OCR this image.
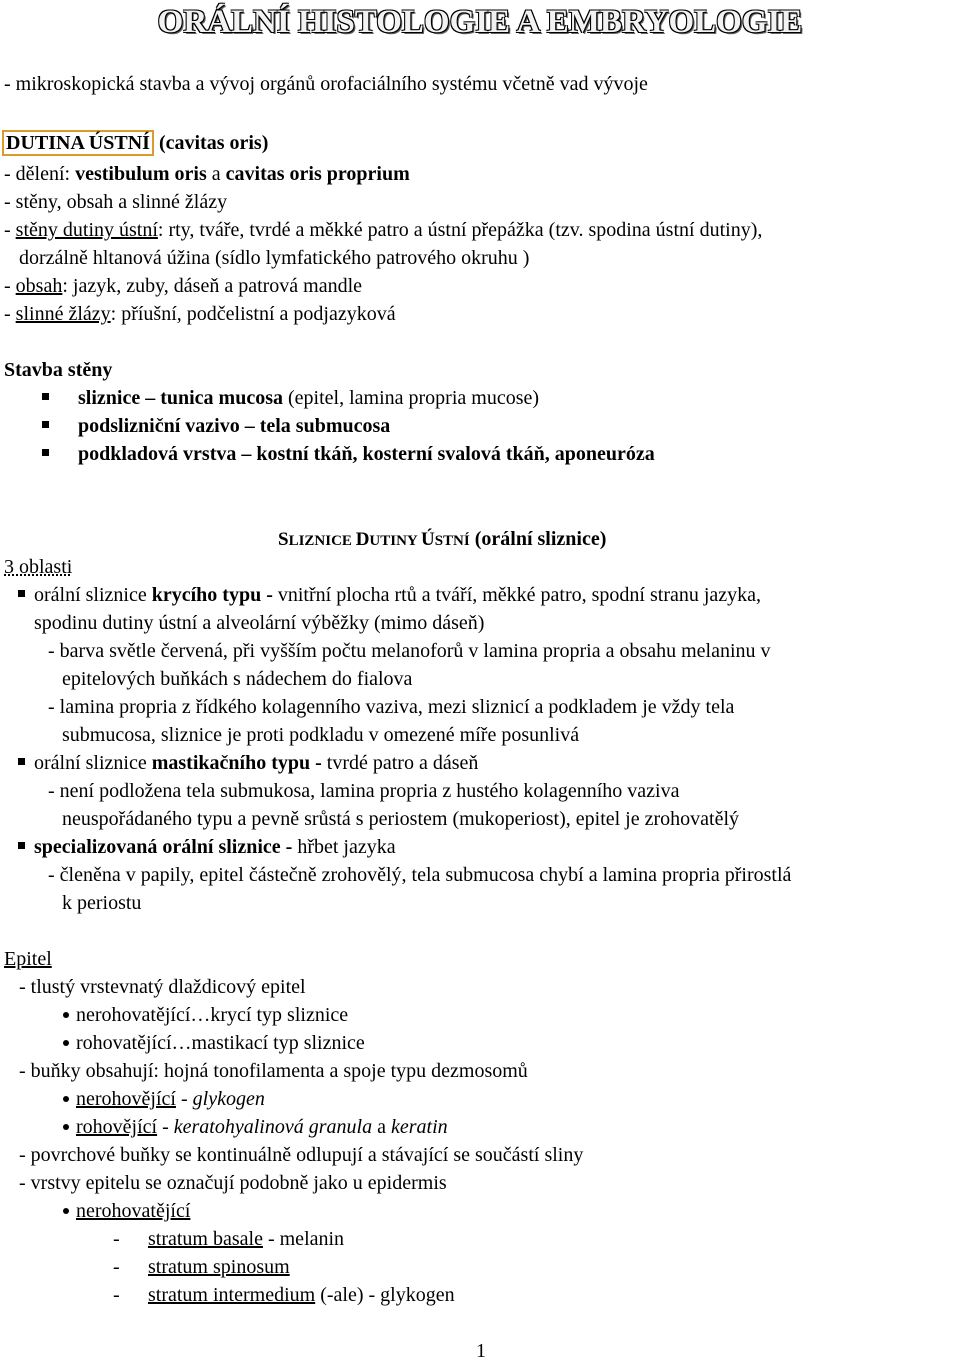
ORÁLNÍ HISTOLOGIE A EMBRYOLOGIE
- mikroskopická stavba a vývoj orgánů orofaciálního systému včetně vad vývoje
DUTINA ÚSTNÍ (cavitas oris)
- dělení: vestibulum oris a cavitas oris proprium
- stěny, obsah a slinné žlázy
- stěny dutiny ústní: rty, tváře, tvrdé a měkké patro a ústní přepážka (tzv. spodina ústní dutiny),
dorzálně hltanová úžina (sídlo lymfatického patrového okruhu )
- obsah: jazyk, zuby, dáseň a patrová mandle
- slinné žlázy: příušní, podčelistní a podjazyková
Stavba stěny
sliznice – tunica mucosa (epitel, lamina propria mucose)
podslizniční vazivo – tela submucosa
podkladová vrstva – kostní tkáň, kosterní svalová tkáň, aponeuróza
SLIZNICE DUTINY ÚSTNÍ (orální sliznice)
3 oblasti
orální sliznice krycího typu - vnitřní plocha rtů a tváří, měkké patro, spodní stranu jazyka,
spodinu dutiny ústní a alveolární výběžky (mimo dáseň)
- barva světle červená, při vyšším počtu melanoforů v lamina propria a obsahu melaninu v
epitelových buňkách s nádechem do fialova
- lamina propria z řídkého kolagenního vaziva, mezi sliznicí a podkladem je vždy tela
submucosa, sliznice je proti podkladu v omezené míře posunlivá
orální sliznice mastikačního typu - tvrdé patro a dáseň
- není podložena tela submukosa, lamina propria z hustého kolagenního vaziva
neuspořádaného typu a pevně srůstá s periostem (mukoperiost), epitel je zrohovatělý
specializovaná orální sliznice - hřbet jazyka
- členěna v papily, epitel částečně zrohovělý, tela submucosa chybí a lamina propria přirostlá
k periostu
Epitel
- tlustý vrstevnatý dlaždicový epitel
nerohovatějící…krycí typ sliznice
rohovatějící…mastikací typ sliznice
- buňky obsahují: hojná tonofilamenta a spoje typu dezmosomů
nerohovějící - glykogen
rohovějící - keratohyalinová granula a keratin
- povrchové buňky se kontinuálně odlupují a stávající se součástí sliny
- vrstvy epitelu se označují podobně jako u epidermis
nerohovatějící
- stratum basale - melanin
- stratum spinosum
- stratum intermedium (-ale) - glykogen
1
